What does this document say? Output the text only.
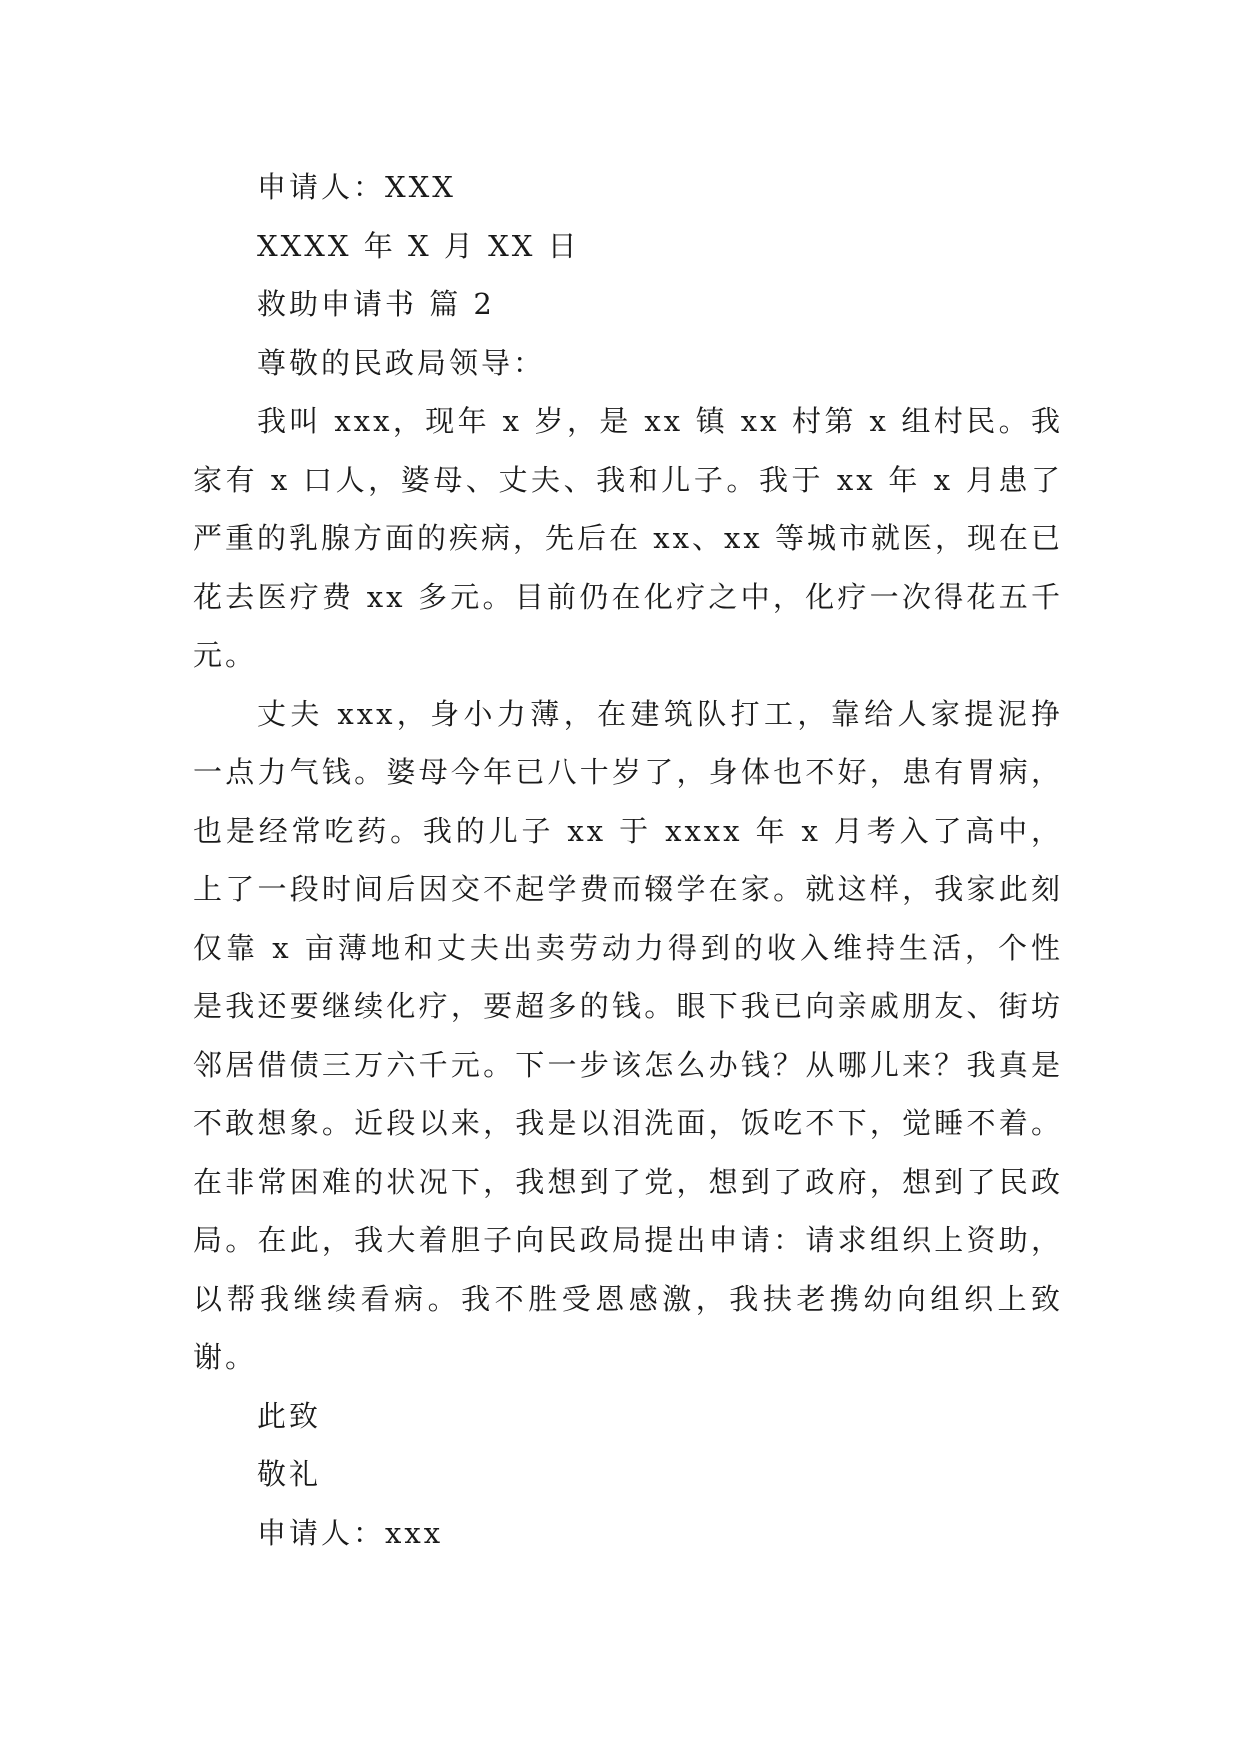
申请人：XXX
XXXX 年 X 月 XX 日
救助申请书 篇 2
尊敬的民政局领导：

我叫 xxx，现年 x 岁，是 xx 镇 xx 村第 x 组村民。我家有 x 口人，婆母、丈夫、我和儿子。我于 xx 年 x 月患了严重的乳腺方面的疾病，先后在 xx、xx 等城市就医，现在已花去医疗费 xx 多元。目前仍在化疗之中，化疗一次得花五千元。

丈夫 xxx，身小力薄，在建筑队打工，靠给人家提泥挣一点力气钱。婆母今年已八十岁了，身体也不好，患有胃病，也是经常吃药。我的儿子 xx 于 xxxx 年 x 月考入了高中，上了一段时间后因交不起学费而辍学在家。就这样，我家此刻仅靠 x 亩薄地和丈夫出卖劳动力得到的收入维持生活，个性是我还要继续化疗，要超多的钱。眼下我已向亲戚朋友、街坊邻居借债三万六千元。下一步该怎么办钱？从哪儿来？我真是不敢想象。近段以来，我是以泪洗面，饭吃不下，觉睡不着。在非常困难的状况下，我想到了党，想到了政府，想到了民政局。在此，我大着胆子向民政局提出申请：请求组织上资助，以帮我继续看病。我不胜受恩感激，我扶老携幼向组织上致谢。

此致
敬礼
申请人：xxx
